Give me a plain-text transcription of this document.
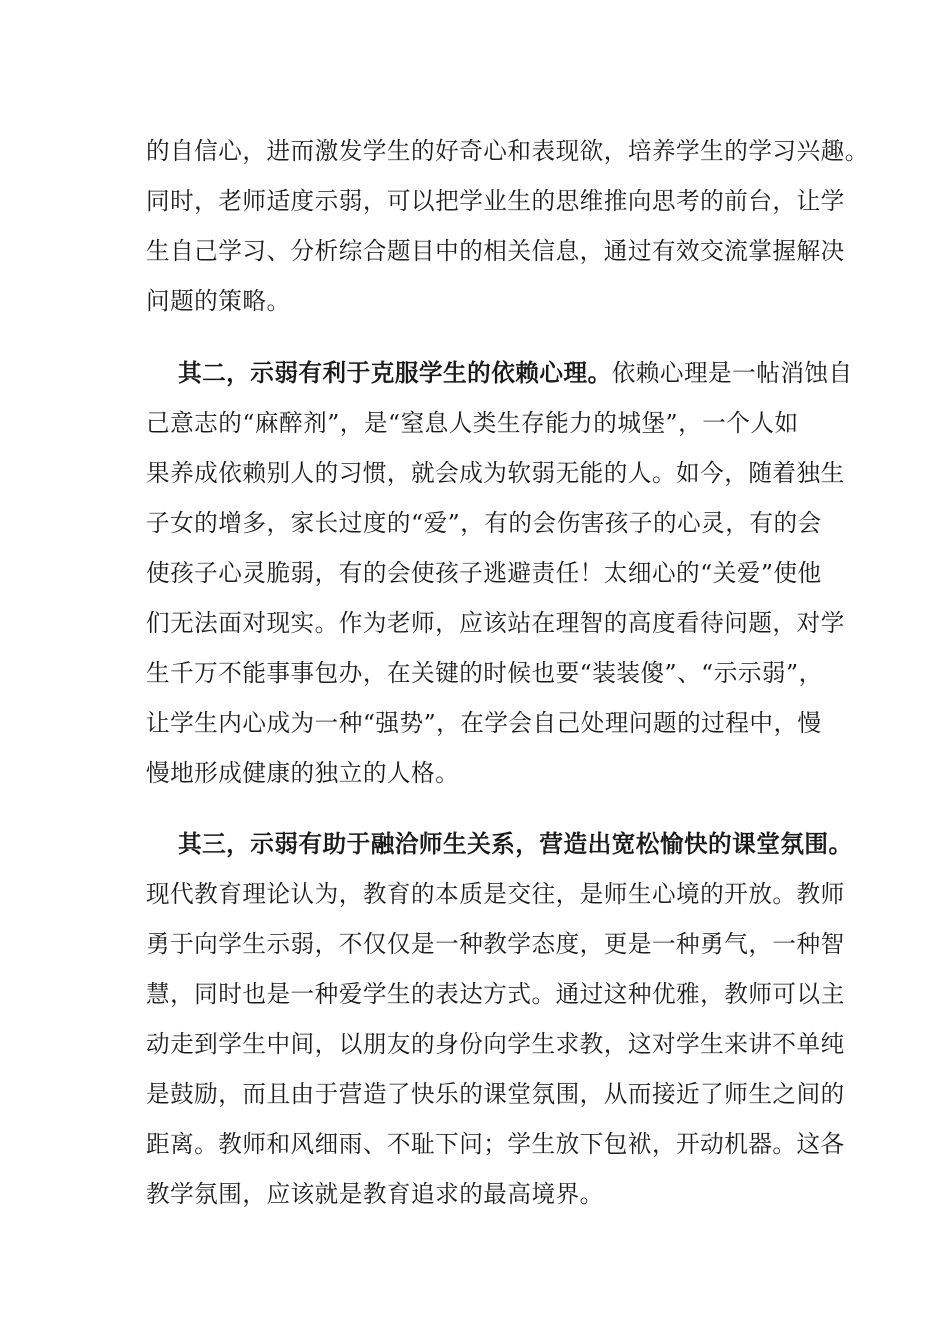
的自信心，进而激发学生的好奇心和表现欲，培养学生的学习兴趣。
同时，老师适度示弱，可以把学业生的思维推向思考的前台，让学
生自己学习、分析综合题目中的相关信息，通过有效交流掌握解决
问题的策略。
其二，示弱有利于克服学生的依赖心理。依赖心理是一帖消蚀自
己意志的“麻醉剂”，是“窒息人类生存能力的城堡”，一个人如
果养成依赖别人的习惯，就会成为软弱无能的人。如今，随着独生
子女的增多，家长过度的“爱”，有的会伤害孩子的心灵，有的会
使孩子心灵脆弱，有的会使孩子逃避责任！太细心的“关爱”使他
们无法面对现实。作为老师，应该站在理智的高度看待问题，对学
生千万不能事事包办，在关键的时候也要“装装傻”、“示示弱”，
让学生内心成为一种“强势”，在学会自己处理问题的过程中，慢
慢地形成健康的独立的人格。
其三，示弱有助于融洽师生关系，营造出宽松愉快的课堂氛围。
现代教育理论认为，教育的本质是交往，是师生心境的开放。教师
勇于向学生示弱，不仅仅是一种教学态度，更是一种勇气，一种智
慧，同时也是一种爱学生的表达方式。通过这种优雅，教师可以主
动走到学生中间，以朋友的身份向学生求教，这对学生来讲不单纯
是鼓励，而且由于营造了快乐的课堂氛围，从而接近了师生之间的
距离。教师和风细雨、不耻下问；学生放下包袱，开动机器。这各
教学氛围，应该就是教育追求的最高境界。
